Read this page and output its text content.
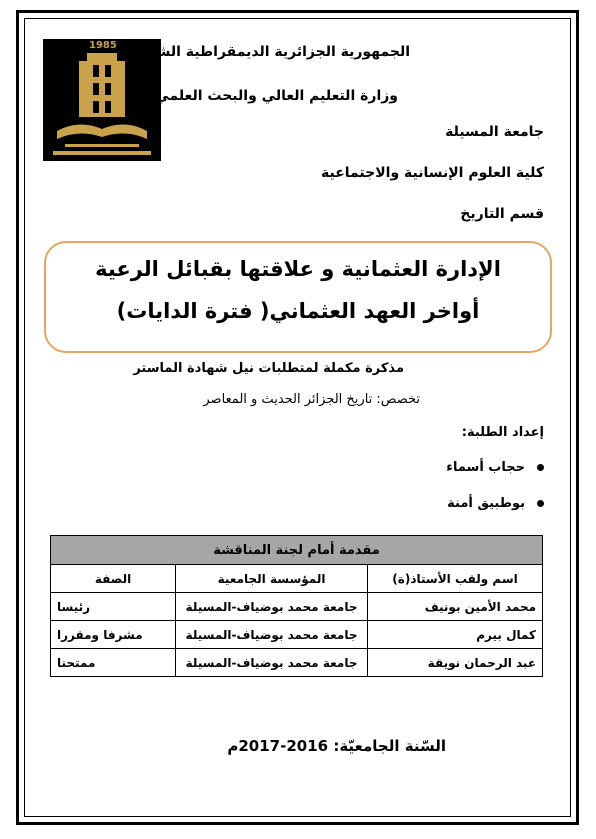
1985 الجمهورية الجزائرية الديمقراطية الشعبية
وزارة التعليم العالي والبحث العلمي
جامعة المسيلة
كلية العلوم الإنسانية والاجتماعية
قسم التاريخ
الإدارة العثمانية و علاقتها بقبائل الرعية
أواخر العهد العثماني( فترة الدايات)
مذكرة مكملة لمتطلبات نيل شهادة الماستر
تخصص: تاريخ الجزائر الحديث و المعاصر
إعداد الطلبة:
حجاب أسماء
بوطبيق أمنة
مقدمة أمام لجنة المناقشة		
اسم ولقب الأستاذ(ة)	المؤسسة الجامعية	الصفة
محمد الأمين بونيف	جامعة محمد بوضياف-المسيلة	رئيسا
كمال بيرم	جامعة محمد بوضياف-المسيلة	مشرفا ومقررا
عبد الرحمان نويقة	جامعة محمد بوضياف-المسيلة	ممتحنا
السّنة الجامعيّة: 2016-2017م
